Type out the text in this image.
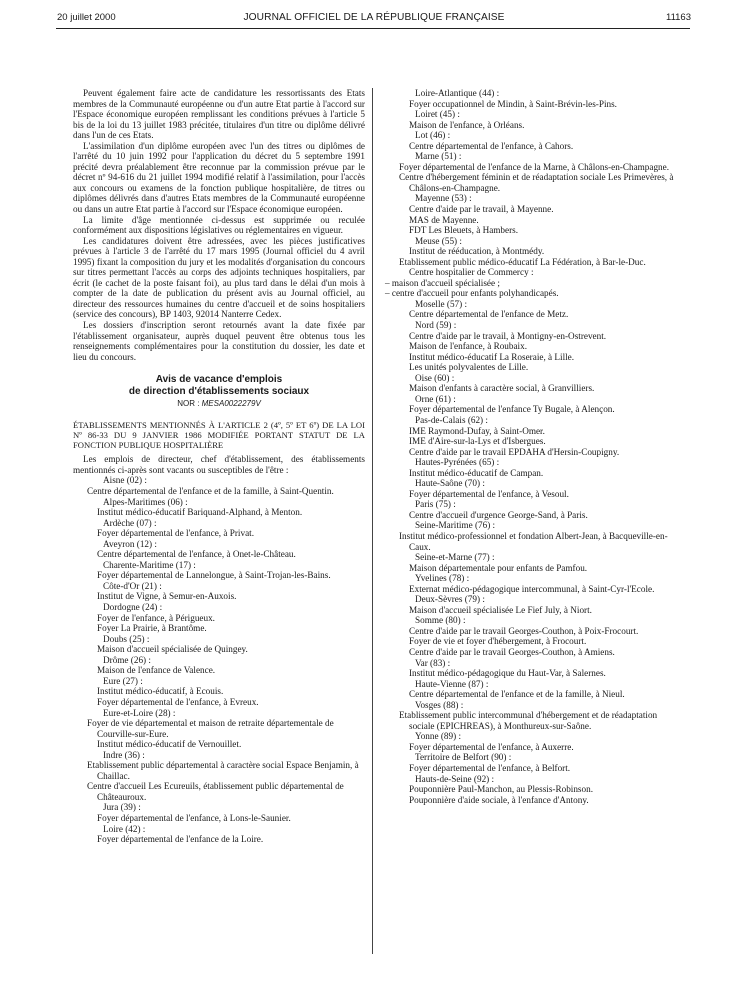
20 juillet 2000	JOURNAL OFFICIEL DE LA RÉPUBLIQUE FRANÇAISE	11163

Peuvent également faire acte de candidature les ressortissants des Etats membres de la Communauté européenne ou d'un autre Etat partie à l'accord sur l'Espace économique européen remplissant les conditions prévues à l'article 5 bis de la loi du 13 juillet 1983 précitée, titulaires d'un titre ou diplôme délivré dans l'un de ces Etats.

L'assimilation d'un diplôme européen avec l'un des titres ou diplômes de l'arrêté du 10 juin 1992 pour l'application du décret du 5 septembre 1991 précité devra préalablement être reconnue par la commission prévue par le décret nº 94-616 du 21 juillet 1994 modifié relatif à l'assimilation, pour l'accès aux concours ou examens de la fonction publique hospitalière, de titres ou diplômes délivrés dans d'autres Etats membres de la Communauté européenne ou dans un autre Etat partie à l'accord sur l'Espace économique européen.

La limite d'âge mentionnée ci-dessus est supprimée ou reculée conformément aux dispositions législatives ou réglementaires en vigueur.

Les candidatures doivent être adressées, avec les pièces justificatives prévues à l'article 3 de l'arrêté du 17 mars 1995 (Journal officiel du 4 avril 1995) fixant la composition du jury et les modalités d'organisation du concours sur titres permettant l'accès au corps des adjoints techniques hospitaliers, par écrit (le cachet de la poste faisant foi), au plus tard dans le délai d'un mois à compter de la date de publication du présent avis au Journal officiel, au directeur des ressources humaines du centre d'accueil et de soins hospitaliers (service des concours), BP 1403, 92014 Nanterre Cedex.

Les dossiers d'inscription seront retournés avant la date fixée par l'établissement organisateur, auprès duquel peuvent être obtenus tous les renseignements complémentaires pour la constitution du dossier, les date et lieu du concours.

Avis de vacance d'emplois
de direction d'établissements sociaux
NOR : MESA0022279V

ÉTABLISSEMENTS MENTIONNÉS À L'ARTICLE 2 (4º, 5º ET 6º) DE LA LOI Nº 86-33 DU 9 JANVIER 1986 MODIFIÉE PORTANT STATUT DE LA FONCTION PUBLIQUE HOSPITALIÈRE

Les emplois de directeur, chef d'établissement, des établissements mentionnés ci-après sont vacants ou susceptibles de l'être :

Aisne (02) :

Centre départemental de l'enfance et de la famille, à Saint-Quentin.

Alpes-Maritimes (06) :

Institut médico-éducatif Bariquand-Alphand, à Menton.

Ardèche (07) :

Foyer départemental de l'enfance, à Privat.

Aveyron (12) :

Centre départemental de l'enfance, à Onet-le-Château.

Charente-Maritime (17) :

Foyer départemental de Lannelongue, à Saint-Trojan-les-Bains.

Côte-d'Or (21) :

Institut de Vigne, à Semur-en-Auxois.

Dordogne (24) :

Foyer de l'enfance, à Périgueux.

Foyer La Prairie, à Brantôme.

Doubs (25) :

Maison d'accueil spécialisée de Quingey.

Drôme (26) :

Maison de l'enfance de Valence.

Eure (27) :

Institut médico-éducatif, à Ecouis.

Foyer départemental de l'enfance, à Evreux.

Eure-et-Loire (28) :

Foyer de vie départemental et maison de retraite départementale de Courville-sur-Eure.

Institut médico-éducatif de Vernouillet.

Indre (36) :

Etablissement public départemental à caractère social Espace Benjamin, à Chaillac.

Centre d'accueil Les Ecureuils, établissement public départemental de Châteauroux.

Jura (39) :

Foyer départemental de l'enfance, à Lons-le-Saunier.

Loire (42) :

Foyer départemental de l'enfance de la Loire.

Loire-Atlantique (44) :

Foyer occupationnel de Mindin, à Saint-Brévin-les-Pins.

Loiret (45) :

Maison de l'enfance, à Orléans.

Lot (46) :

Centre départemental de l'enfance, à Cahors.

Marne (51) :

Foyer départemental de l'enfance de la Marne, à Châlons-en-Champagne.

Centre d'hébergement féminin et de réadaptation sociale Les Primevères, à Châlons-en-Champagne.

Mayenne (53) :

Centre d'aide par le travail, à Mayenne.

MAS de Mayenne.

FDT Les Bleuets, à Hambers.

Meuse (55) :

Institut de rééducation, à Montmédy.

Etablissement public médico-éducatif La Fédération, à Bar-le-Duc.

Centre hospitalier de Commercy :

– maison d'accueil spécialisée ;

– centre d'accueil pour enfants polyhandicapés.

Moselle (57) :

Centre départemental de l'enfance de Metz.

Nord (59) :

Centre d'aide par le travail, à Montigny-en-Ostrevent.

Maison de l'enfance, à Roubaix.

Institut médico-éducatif La Roseraie, à Lille.

Les unités polyvalentes de Lille.

Oise (60) :

Maison d'enfants à caractère social, à Granvilliers.

Orne (61) :

Foyer départemental de l'enfance Ty Bugale, à Alençon.

Pas-de-Calais (62) :

IME Raymond-Dufay, à Saint-Omer.

IME d'Aire-sur-la-Lys et d'Isbergues.

Centre d'aide par le travail EPDAHA d'Hersin-Coupigny.

Hautes-Pyrénées (65) :

Institut médico-éducatif de Campan.

Haute-Saône (70) :

Foyer départemental de l'enfance, à Vesoul.

Paris (75) :

Centre d'accueil d'urgence George-Sand, à Paris.

Seine-Maritime (76) :

Institut médico-professionnel et fondation Albert-Jean, à Bacqueville-en-Caux.

Seine-et-Marne (77) :

Maison départementale pour enfants de Pamfou.

Yvelines (78) :

Externat médico-pédagogique intercommunal, à Saint-Cyr-l'Ecole.

Deux-Sèvres (79) :

Maison d'accueil spécialisée Le Fief July, à Niort.

Somme (80) :

Centre d'aide par le travail Georges-Couthon, à Poix-Frocourt.

Foyer de vie et foyer d'hébergement, à Frocourt.

Centre d'aide par le travail Georges-Couthon, à Amiens.

Var (83) :

Institut médico-pédagogique du Haut-Var, à Salernes.

Haute-Vienne (87) :

Centre départemental de l'enfance et de la famille, à Nieul.

Vosges (88) :

Etablissement public intercommunal d'hébergement et de réadaptation sociale (EPICHREAS), à Monthureux-sur-Saône.

Yonne (89) :

Foyer départemental de l'enfance, à Auxerre.

Territoire de Belfort (90) :

Foyer départemental de l'enfance, à Belfort.

Hauts-de-Seine (92) :

Pouponnière Paul-Manchon, au Plessis-Robinson.

Pouponnière d'aide sociale, à l'enfance d'Antony.
